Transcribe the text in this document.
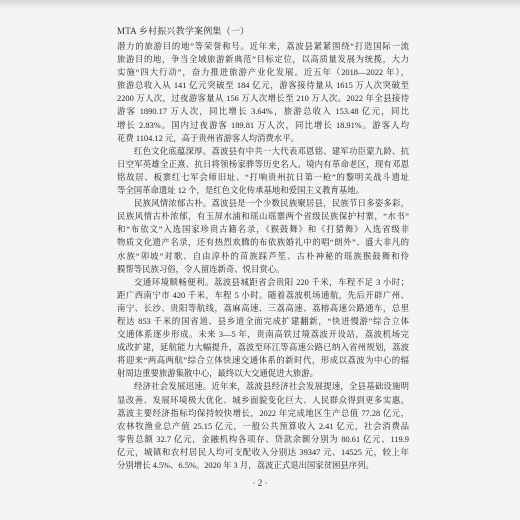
MTA 乡村振兴教学案例集（一）
潜力的旅游目的地”等荣誉称号。近年来，荔波县紧紧围绕“打造国际一流
旅游目的地，争当全域旅游新典范”目标定位，以高质量发展为统揽，大力
实施“四大行动”，奋力推进旅游产业化发展。近五年（2018—2022 年），
旅游总收入从 141 亿元突破至 184 亿元，游客接待量从 1615 万人次突破至
2200 万人次，过夜游客量从 156 万人次增长至 210 万人次。2022 年全县接待
游客 1890.17 万人次，同比增长 3.64%，旅游总收入 153.48 亿元，同比
增长 2.83%。国内过夜游客 189.81 万人次，同比增长 18.91%。游客人均
花费 1104.12 元，高于贵州省游客人均消费水平。
红色文化底蕴深厚。荔波县有中共一大代表邓恩铭、建军功臣蒙九龄、抗
日空军英雄全正熹、抗日将领杨家骅等历史名人。境内有革命老区，现有邓恩
铭故居、板寨红七军会师旧址、“打响贵州抗日第一枪”的黎明关战斗遗址
等全国革命遗址 12 个，是红色文化传承基地和爱国主义教育基地。
民族风情浓郁古朴。荔波县是一个少数民族聚居县，民族节日多姿多彩，
民族风情古朴浓郁，有玉屏水浦和瑶山瑶寨两个省级民族保护村寨，“水书”
和“布依文”入选国家珍贵古籍名录，《猴鼓舞》和《打猎舞》入选省级非
物质文化遗产名录，还有热烈欢腾的布依族婚礼中的唱“朗外”、盛大非凡的
水族“卯坡”对歌、自由淳朴的苗族踩芦笙、古朴神秘的瑶族猴鼓舞和伶
膜帮等民族习俗，令人留连新奇、悦目赏心。
交通环境顺畅便利。荔波县城距省会贵阳 220 千米，车程不足 3 小时；
距广西南宁市 420 千米，车程 5 小时。随着荔波机场通航，先后开辟广州、
南宁、长沙、贵阳等航线，荔麻高速、三荔高速、荔榕高速公路通车，总里
程达 853 千米的国省道、县乡道全面完成扩建翻新，“快进慢游”综合立体
交通体系逐步形成。未来 3—5 年，贵南高铁过境荔波开设站，荔波机场完
成改扩建，延航能力大幅提升，荔波至环江等高速公路已纳入省州规划，荔波
将迎来“两高两航”综合立体快速交通体系的新时代，形成以荔波为中心的辐
射周边重要旅游集散中心，最终以大交通促进大旅游。
经济社会发展迅速。近年来，荔波县经济社会发展提速，全县基础设施明
显改善、发展环境极大优化、城乡面貌变化巨大、人民群众得到更多实惠。
荔波主要经济指标均保持较快增长，2022 年完成地区生产总值 77.28 亿元，
农林牧渔业总产值 25.15 亿元，一般公共预算收入 2.41 亿元，社会消费品
零售总额 32.7 亿元，金融机构各项存、贷款余额分别为 80.61 亿元、119.9
亿元，城镇和农村居民人均可支配收入分别达 39347 元、14525 元，较上年
分别增长 4.5%、6.5%。2020 年 3 月，荔波正式退出国家贫困县序列。
· 2 ·
